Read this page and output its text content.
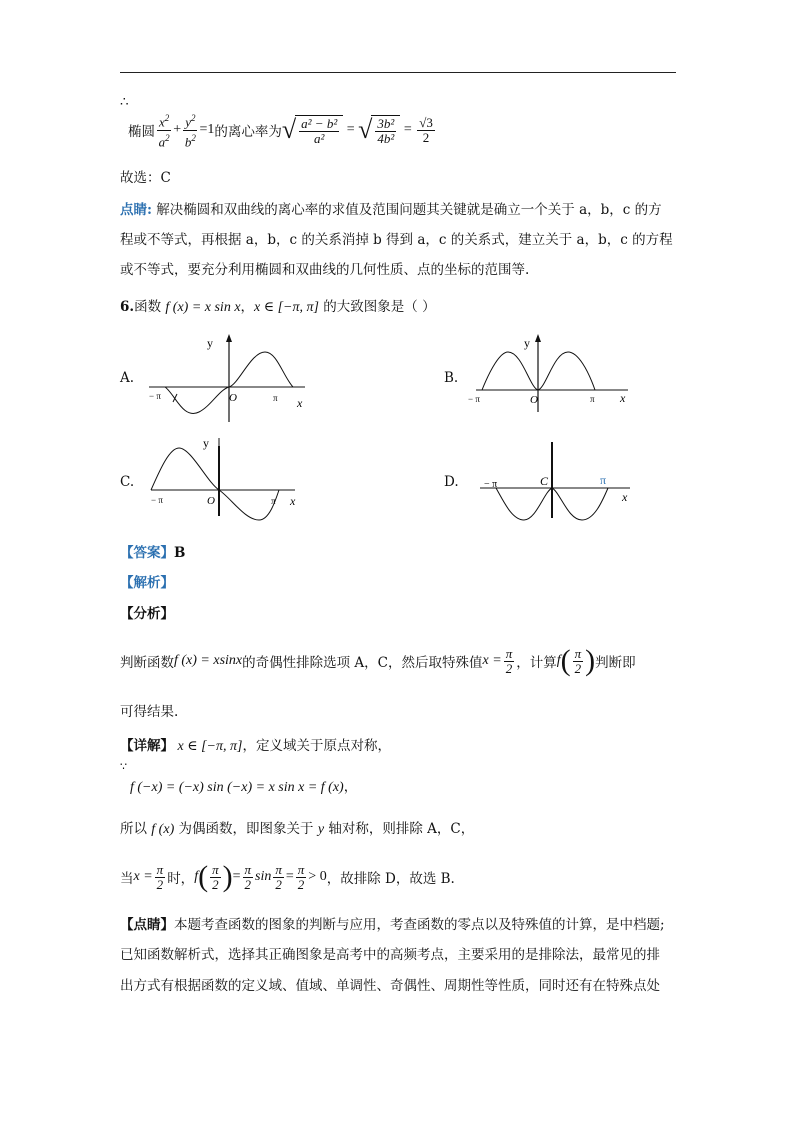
∴
椭圆 $\frac{x^2}{a^2} + \frac{y^2}{b^2} =1$ 的离心率为 √ $\frac{\text{a² − b²}}{\text{a²}}$ = √ $\frac{\text{3b²}}{\text{4b²}} = \frac{√3}{2}$
故选：C
点睛: 解决椭圆和双曲线的离心率的求值及范围问题其关键就是确立一个关于 a，b，c 的方
程或不等式，再根据 a，b，c 的关系消掉 b 得到 a，c 的关系式，建立关于 a，b，c 的方程
或不等式，要充分利用椭圆和双曲线的几何性质、点的坐标的范围等.
6.函数 f (x) = x sin x，x ∈ [−π, π] 的大致图象是（ ）
A.	B.
C.	D.
y
x
O
− π	π
y
x
O
− π	π
y
x
O
− π	π	x
C
− π	π
【答案】B
【解析】
【分析】
判断函数 f (x) = xsinx 的奇偶性排除选项 A，C，然后取特殊值 $x = \frac{\pi}{2}$ ，计算 f ( $\frac{\pi}{2}$ ) 判断即
可得结果.
【详解】 x ∈ [−π, π]，定义域关于原点对称，
∵
f (−x) = (−x) sin (−x) = x sin x = f (x)，
所以 f (x) 为偶函数，即图象关于 y 轴对称，则排除 A，C，
当 $x = \frac{\pi}{2}$ 时， f ( $\frac{\pi}{2}$ ) = $\frac{\pi}{2}$ $\sin \frac{\pi}{2} = \frac{\pi}{2} > 0$ ，故排除 D，故选 B.
【点睛】本题考查函数的图象的判断与应用，考查函数的零点以及特殊值的计算，是中档题;
已知函数解析式，选择其正确图象是高考中的高频考点，主要采用的是排除法，最常见的排
出方式有根据函数的定义域、值域、单调性、奇偶性、周期性等性质，同时还有在特殊点处
